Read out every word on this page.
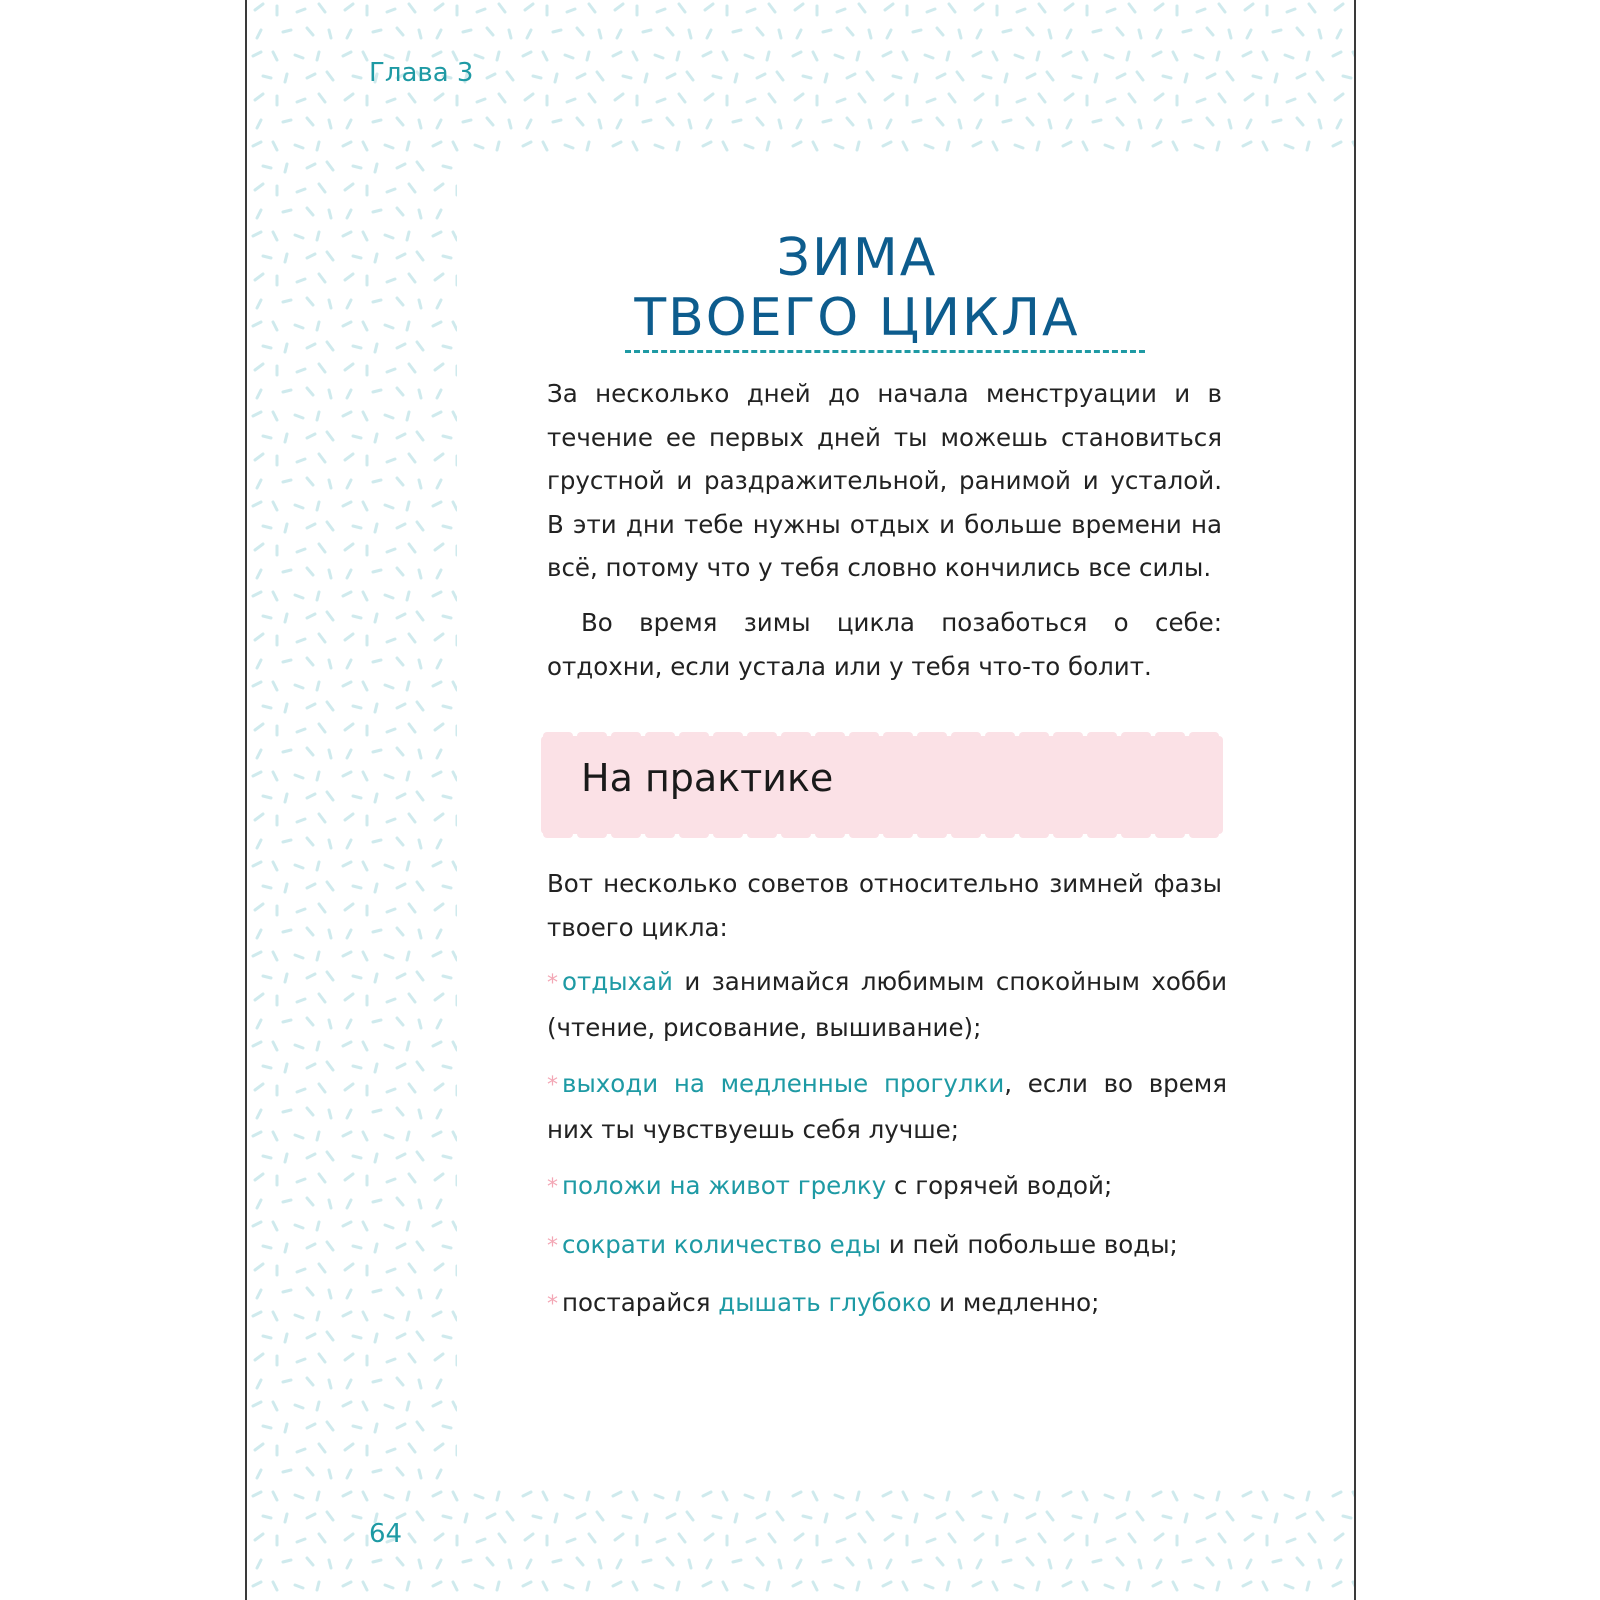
Глава 3
64
ЗИМА
ТВОЕГО ЦИКЛА

За несколько дней до начала менструации и в течение ее первых дней ты можешь становиться грустной и раздражительной, ранимой и усталой. В эти дни тебе нужны отдых и больше времени на всё, потому что у тебя словно кончились все силы.

Во время зимы цикла позаботься о себе: отдохни, если устала или у тебя что-то болит.

На практике

Вот несколько советов относительно зимней фазы твоего цикла:

* отдыхай и занимайся любимым спокойным хобби (чтение, рисование, вышивание);
* выходи на медленные прогулки, если во время них ты чувствуешь себя лучше;
* положи на живот грелку с горячей водой;
* сократи количество еды и пей побольше воды;
* постарайся дышать глубоко и медленно;
